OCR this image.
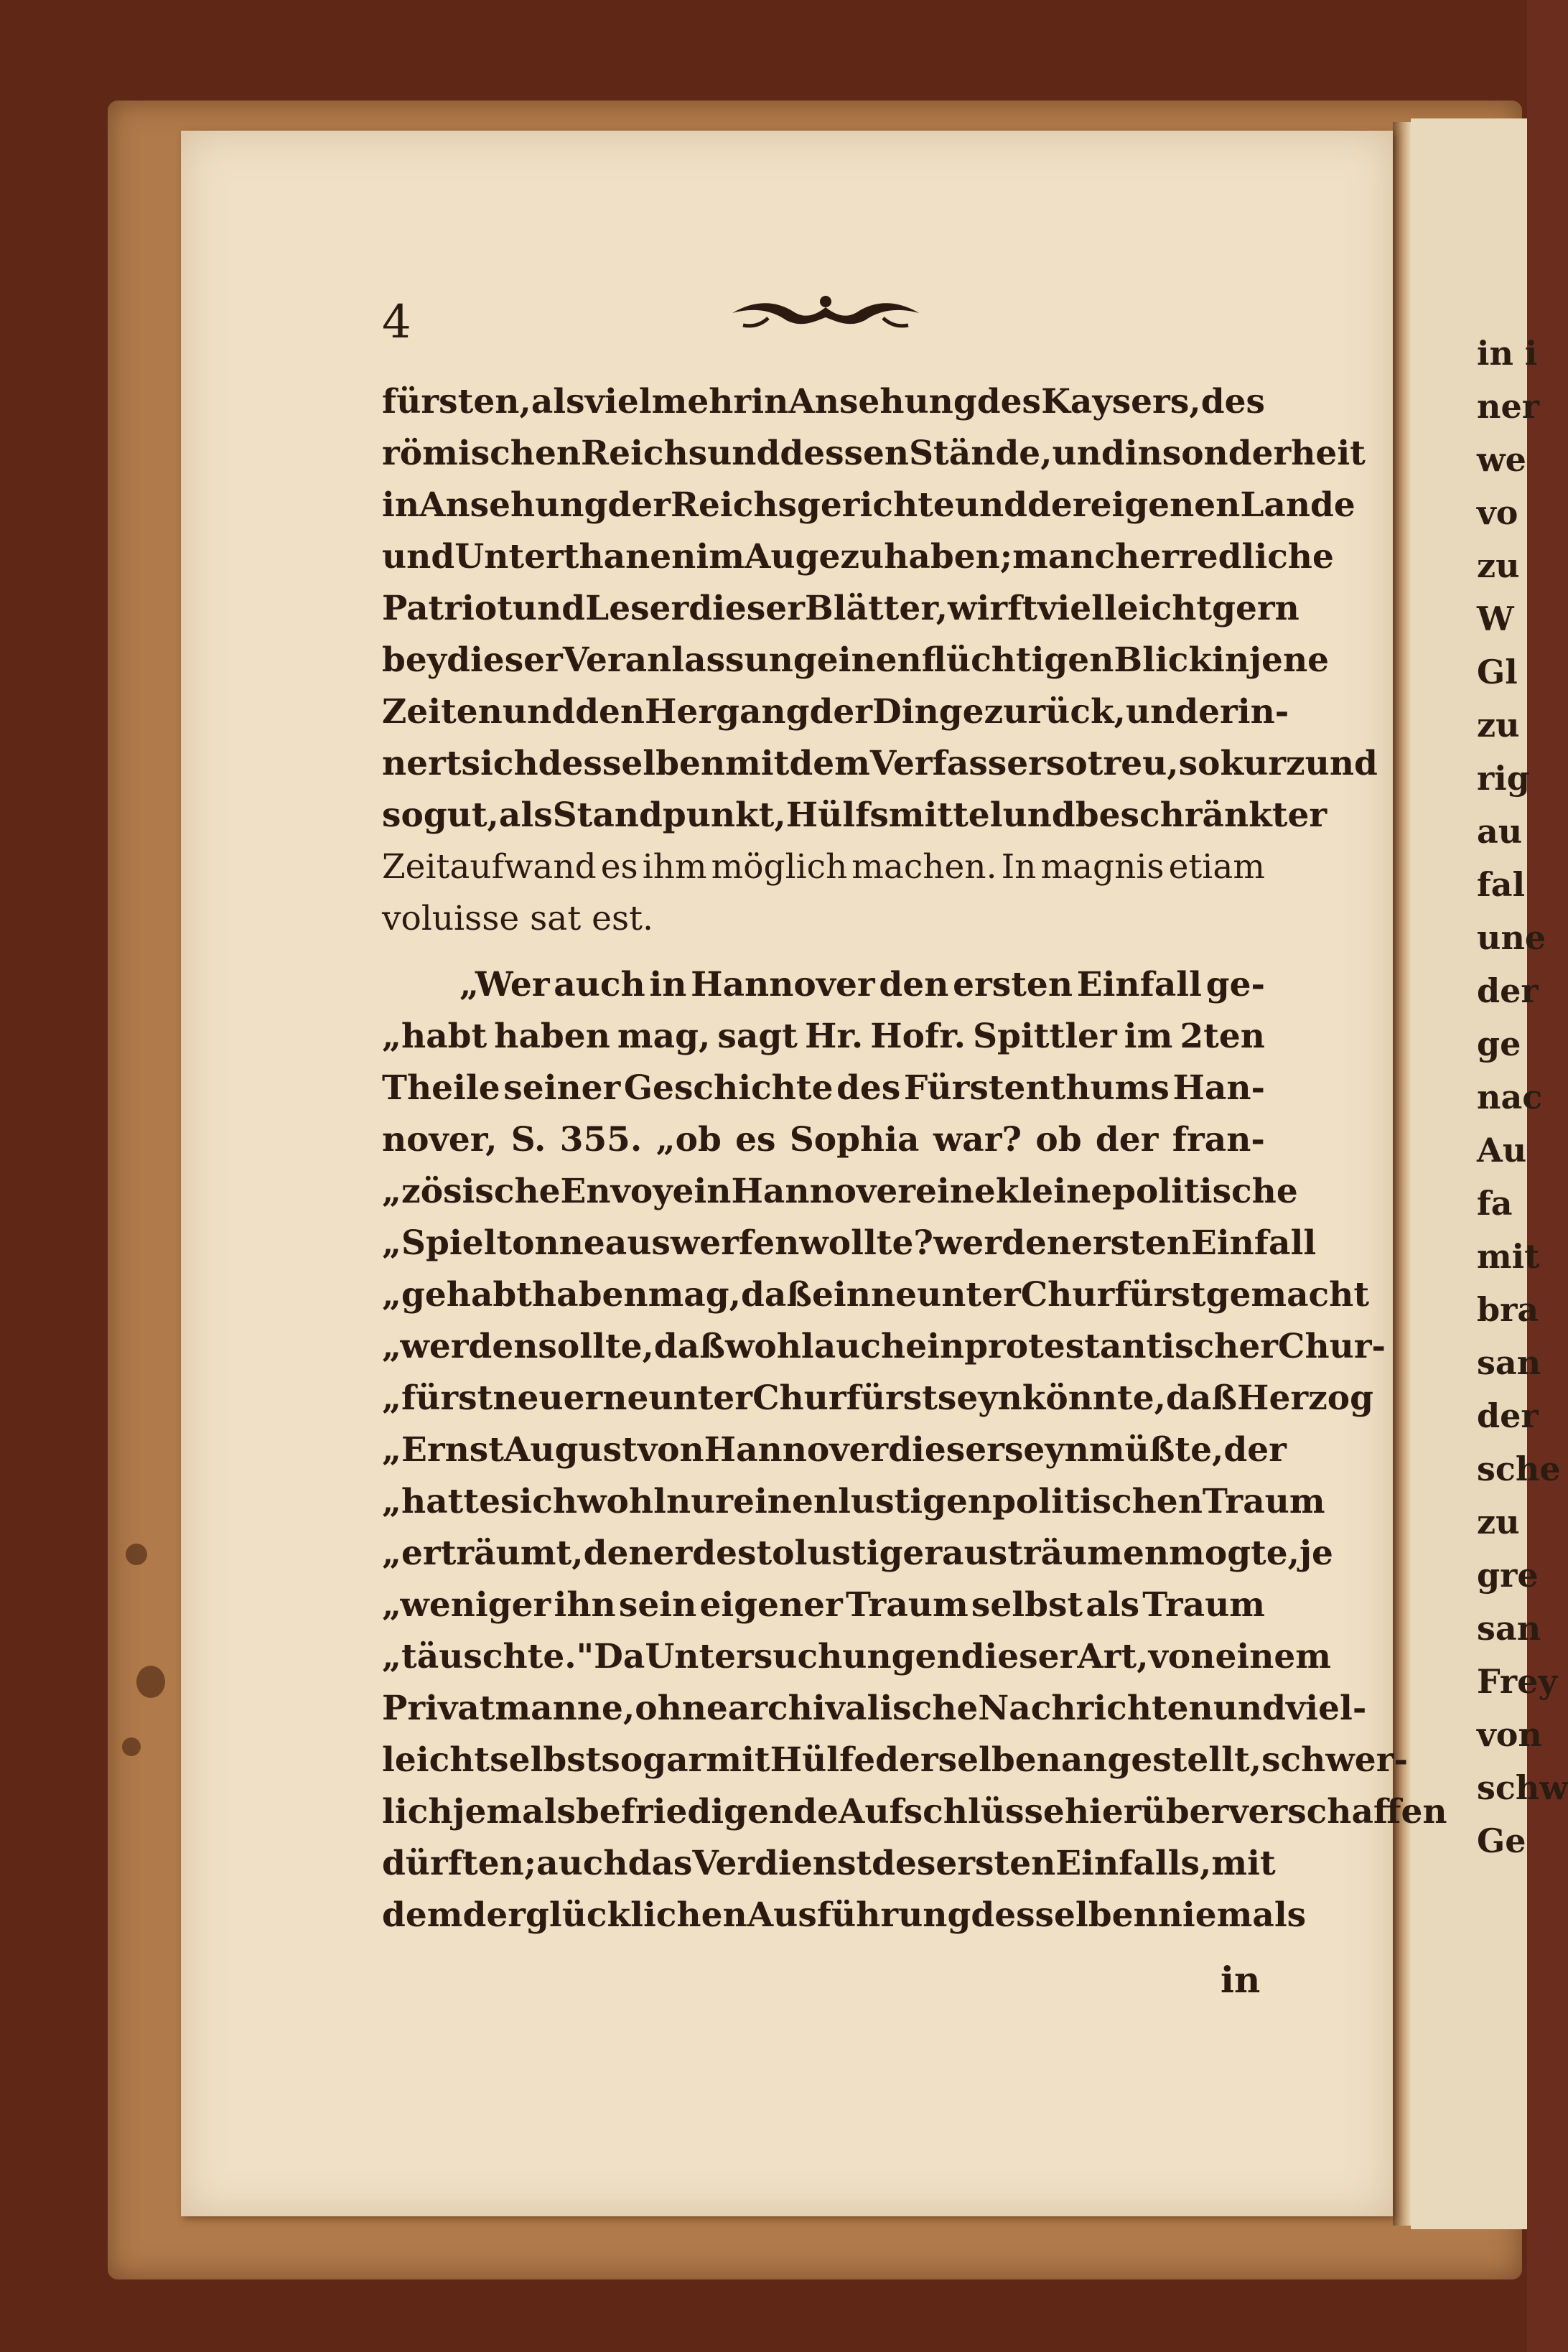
in i
ner
we
vo
zu
W
Gl
zu
rig
au
fal
une
der
ge
nac
Au
fa
mit
bra
san
der
sche
zu
gre
san
Frey
von
schw
Ge
4
fürsten, als vielmehr in Ansehung des Kaysers, des
römischen Reichs und dessen Stände, und insonderheit
in Ansehung der Reichsgerichte und der eigenen Lande
und Unterthanen im Auge zu haben; mancher redliche
Patriot und Leser dieser Blätter, wirft vielleicht gern
bey dieser Veranlassung einen flüchtigen Blick in jene
Zeiten und den Hergang der Dinge zurück, und erin-
nert sich desselben mit dem Verfasser so treu, so kurz und
so gut, als Standpunkt, Hülfsmittel und beschränkter
Zeitaufwand es ihm möglich machen. In magnis etiam
voluisse sat est.
„Wer auch in Hannover den ersten Einfall ge-
„habt haben mag, sagt Hr. Hofr. Spittler im 2ten
Theile seiner Geschichte des Fürstenthums Han-
nover, S. 355. „ob es Sophia war? ob der fran-
„zösische Envoye in Hannover eine kleine politische
„Spieltonne auswerfen wollte? wer den ersten Einfall
„gehabt haben mag, daß ein neunter Churfürst gemacht
„werden sollte, daß wohl auch ein protestantischer Chur-
„fürst neuer neunter Churfürst seyn könnte, daß Herzog
„Ernst August von Hannover dieser seyn müßte, der
„hatte sich wohl nur einen lustigen politischen Traum
„erträumt, den er desto lustiger austräumen mogte, je
„weniger ihn sein eigener Traum selbst als Traum
„täuschte." Da Untersuchungen dieser Art, von einem
Privatmanne, ohne archivalische Nachrichten und viel-
leicht selbst sogar mit Hülfe derselben angestellt, schwer-
lich jemals befriedigende Aufschlüsse hierüber verschaffen
dürften; auch das Verdienst des ersten Einfalls, mit
dem der glücklichen Ausführung desselben niemals
in
